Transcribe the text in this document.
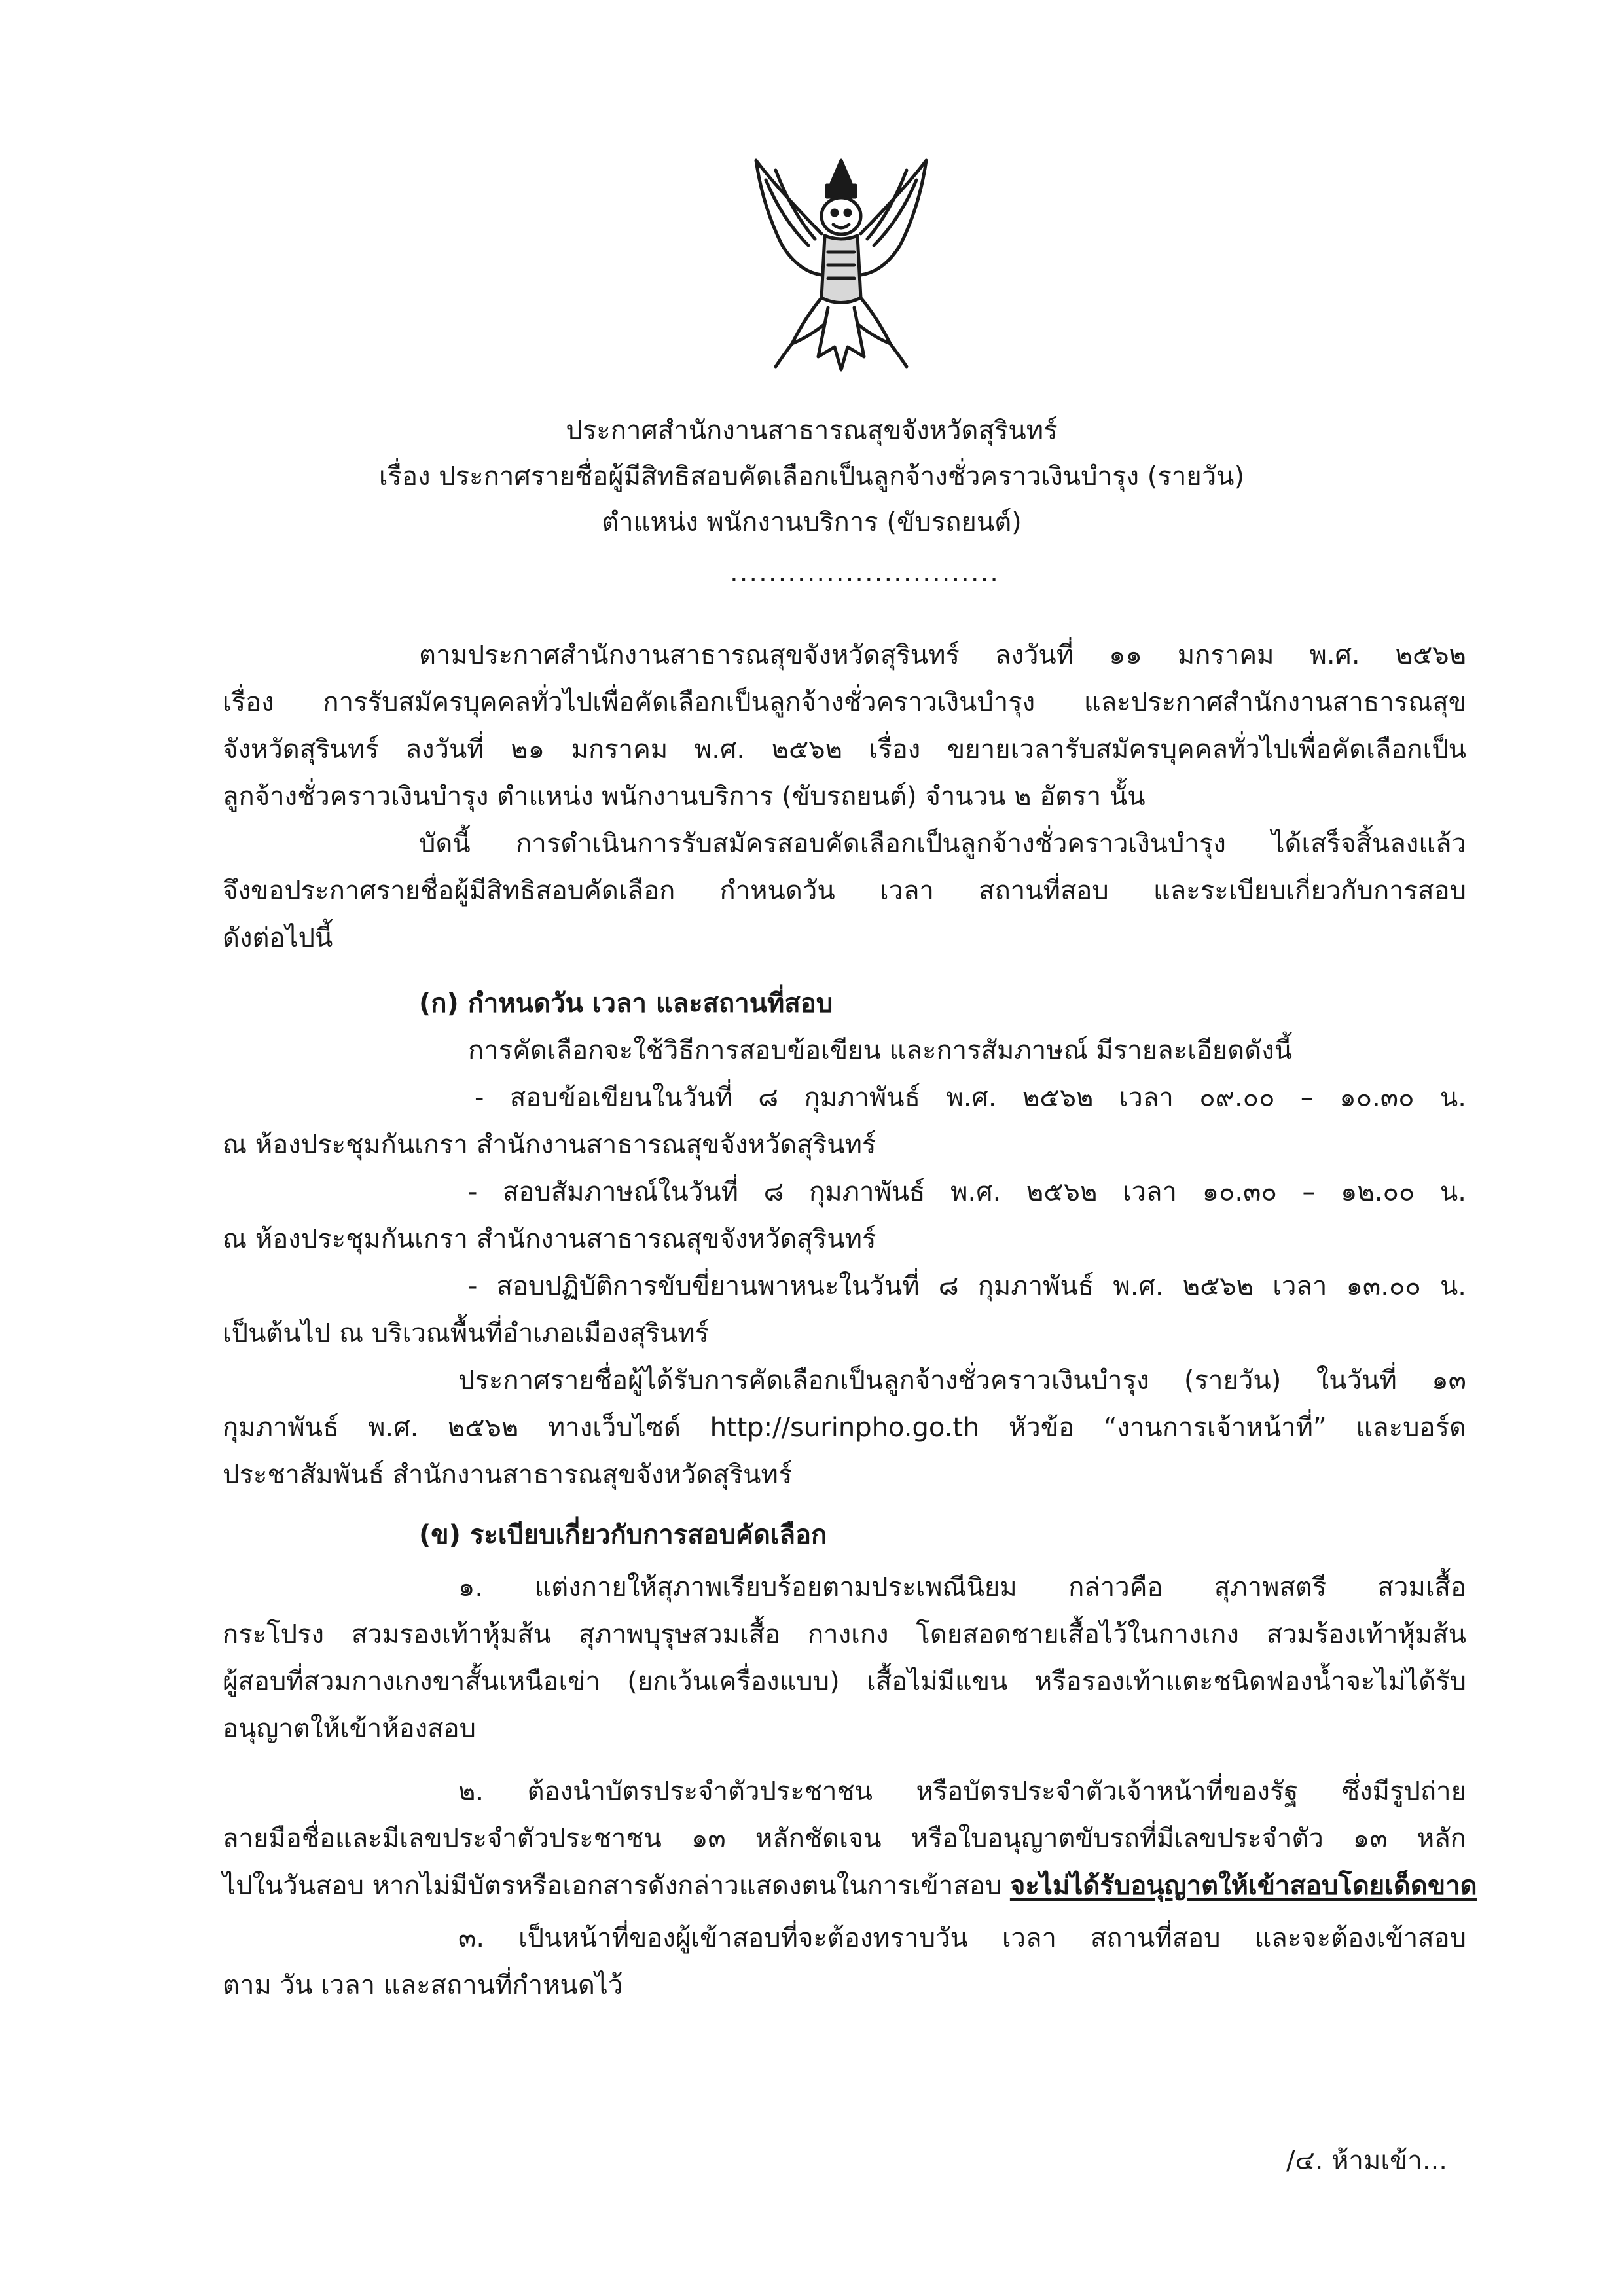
ประกาศสำนักงานสาธารณสุขจังหวัดสุรินทร์
เรื่อง ประกาศรายชื่อผู้มีสิทธิสอบคัดเลือกเป็นลูกจ้างชั่วคราวเงินบำรุง (รายวัน)
ตำแหน่ง พนักงานบริการ (ขับรถยนต์)
............................
ตามประกาศสำนักงานสาธารณสุขจังหวัดสุรินทร์ ลงวันที่ ๑๑ มกราคม พ.ศ. ๒๕๖๒
เรื่อง การรับสมัครบุคคลทั่วไปเพื่อคัดเลือกเป็นลูกจ้างชั่วคราวเงินบำรุง และประกาศสำนักงานสาธารณสุข
จังหวัดสุรินทร์ ลงวันที่ ๒๑ มกราคม พ.ศ. ๒๕๖๒ เรื่อง ขยายเวลารับสมัครบุคคลทั่วไปเพื่อคัดเลือกเป็น
ลูกจ้างชั่วคราวเงินบำรุง ตำแหน่ง พนักงานบริการ (ขับรถยนต์) จำนวน ๒ อัตรา นั้น
บัดนี้ การดำเนินการรับสมัครสอบคัดเลือกเป็นลูกจ้างชั่วคราวเงินบำรุง ได้เสร็จสิ้นลงแล้ว
จึงขอประกาศรายชื่อผู้มีสิทธิสอบคัดเลือก กำหนดวัน เวลา สถานที่สอบ และระเบียบเกี่ยวกับการสอบ
ดังต่อไปนี้
(ก) กำหนดวัน เวลา และสถานที่สอบ
การคัดเลือกจะใช้วิธีการสอบข้อเขียน และการสัมภาษณ์ มีรายละเอียดดังนี้
- สอบข้อเขียนในวันที่ ๘ กุมภาพันธ์ พ.ศ. ๒๕๖๒ เวลา ๐๙.๐๐ – ๑๐.๓๐ น.
ณ ห้องประชุมกันเกรา สำนักงานสาธารณสุขจังหวัดสุรินทร์
- สอบสัมภาษณ์ในวันที่ ๘ กุมภาพันธ์ พ.ศ. ๒๕๖๒ เวลา ๑๐.๓๐ – ๑๒.๐๐ น.
ณ ห้องประชุมกันเกรา สำนักงานสาธารณสุขจังหวัดสุรินทร์
- สอบปฏิบัติการขับขี่ยานพาหนะในวันที่ ๘ กุมภาพันธ์ พ.ศ. ๒๕๖๒ เวลา ๑๓.๐๐ น.
เป็นต้นไป ณ บริเวณพื้นที่อำเภอเมืองสุรินทร์
ประกาศรายชื่อผู้ได้รับการคัดเลือกเป็นลูกจ้างชั่วคราวเงินบำรุง (รายวัน) ในวันที่ ๑๓
กุมภาพันธ์ พ.ศ. ๒๕๖๒ ทางเว็บไซด์ http://surinpho.go.th หัวข้อ “งานการเจ้าหน้าที่” และบอร์ด
ประชาสัมพันธ์ สำนักงานสาธารณสุขจังหวัดสุรินทร์
(ข) ระเบียบเกี่ยวกับการสอบคัดเลือก
๑. แต่งกายให้สุภาพเรียบร้อยตามประเพณีนิยม กล่าวคือ สุภาพสตรี สวมเสื้อ
กระโปรง สวมรองเท้าหุ้มส้น สุภาพบุรุษสวมเสื้อ กางเกง โดยสอดชายเสื้อไว้ในกางเกง สวมร้องเท้าหุ้มส้น
ผู้สอบที่สวมกางเกงขาสั้นเหนือเข่า (ยกเว้นเครื่องแบบ) เสื้อไม่มีแขน หรือรองเท้าแตะชนิดฟองน้ำจะไม่ได้รับ
อนุญาตให้เข้าห้องสอบ
๒. ต้องนำบัตรประจำตัวประชาชน หรือบัตรประจำตัวเจ้าหน้าที่ของรัฐ ซึ่งมีรูปถ่าย
ลายมือชื่อและมีเลขประจำตัวประชาชน ๑๓ หลักชัดเจน หรือใบอนุญาตขับรถที่มีเลขประจำตัว ๑๓ หลัก
ไปในวันสอบ หากไม่มีบัตรหรือเอกสารดังกล่าวแสดงตนในการเข้าสอบ จะไม่ได้รับอนุญาตให้เข้าสอบโดยเด็ดขาด
๓. เป็นหน้าที่ของผู้เข้าสอบที่จะต้องทราบวัน เวลา สถานที่สอบ และจะต้องเข้าสอบ
ตาม วัน เวลา และสถานที่กำหนดไว้
/๔. ห้ามเข้า...
